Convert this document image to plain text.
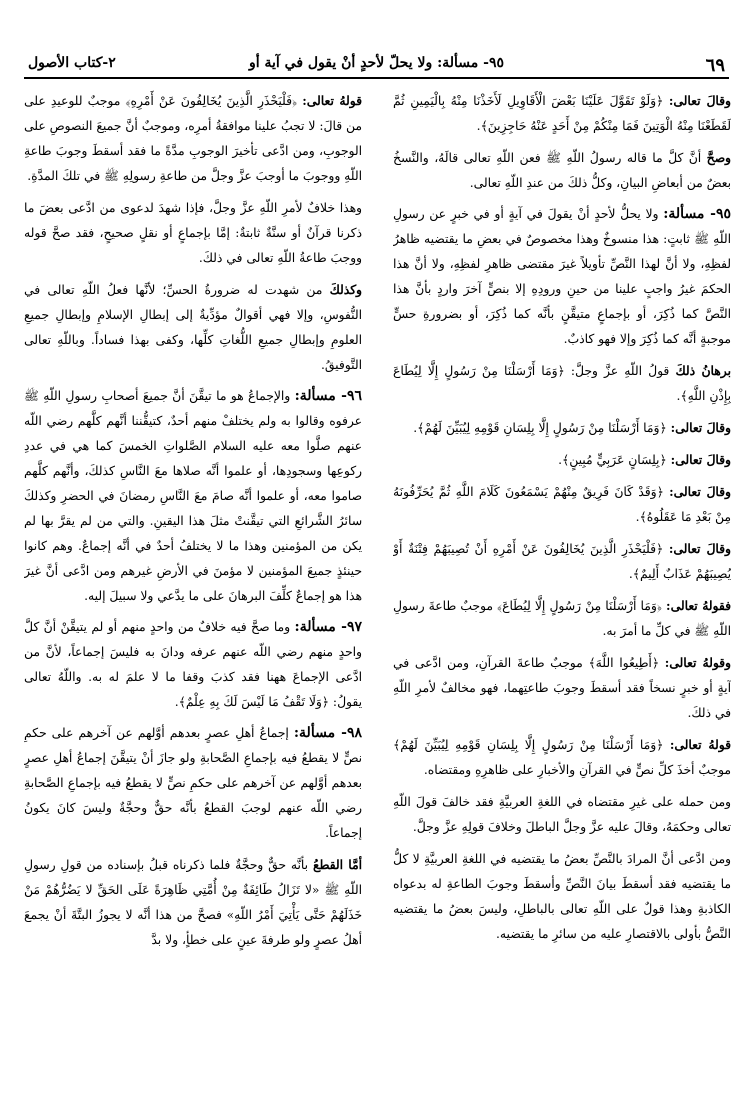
٦٩
٩٥- مسألة: ولا يحلّ لأحدٍ أنْ يقول في آية أو
٢-كتاب الأصول

وقالَ تعالى: ﴿وَلَوْ تَقَوَّلَ عَلَيْنَا بَعْضَ الْأَقَاوِيلِ لَأَخَذْنَا مِنْهُ بِالْيَمِينِ ثُمَّ لَقَطَعْنَا مِنْهُ الْوَتِينَ فَمَا مِنْكُمْ مِنْ أَحَدٍ عَنْهُ حَاجِزِينَ﴾.

وصحَّ أنَّ كلَّ ما قاله رسولُ اللّهِ ﷺ فعن اللّهِ تعالى قالَهُ، والنَّسخُ بعضٌ من أبعاضِ البيانِ، وكلُّ ذلكَ من عندِ اللّهِ تعالى.

٩٥- مسألة: ولا يحلُّ لأحدٍ أنْ يقولَ في آيةٍ أو في خبرٍ عن رسولِ اللّهِ ﷺ ثابتٍ: هذا منسوخٌ وهذا مخصوصٌ في بعضِ ما يقتضيه ظاهرُ لفظِهِ، ولا أنَّ لهذا النَّصِّ تأويلاً غيرَ مقتضى ظاهرِ لفظِهِ، ولا أنَّ هذا الحكمَ غيرُ واجبٍ علينا من حينِ ورودِهِ إلا بنصٍّ آخرَ واردٍ بأنَّ هذا النَّصَّ كما ذُكِرَ، أو بإجماعٍ متيقَّنٍ بأنَّه كما ذُكِرَ، أو بضرورةِ حسٍّ موجبةٍ أنَّه كما ذُكِرَ وإلا فهو كاذبٌ.

برهانُ ذلكَ قولُ اللّهِ عزَّ وجلَّ: ﴿وَمَا أَرْسَلْنَا مِنْ رَسُولٍ إِلَّا لِيُطَاعَ بِإِذْنِ اللَّهِ﴾.

وقالَ تعالى: ﴿وَمَا أَرْسَلْنَا مِنْ رَسُولٍ إِلَّا بِلِسَانِ قَوْمِهِ لِيُبَيِّنَ لَهُمْ﴾.

وقالَ تعالى: ﴿بِلِسَانٍ عَرَبِيٍّ مُبِينٍ﴾.

وقالَ تعالى: ﴿وَقَدْ كَانَ فَرِيقٌ مِنْهُمْ يَسْمَعُونَ كَلَامَ اللَّهِ ثُمَّ يُحَرِّفُونَهُ مِنْ بَعْدِ مَا عَقَلُوهُ﴾.

وقالَ تعالى: ﴿فَلْيَحْذَرِ الَّذِينَ يُخَالِفُونَ عَنْ أَمْرِهِ أَنْ تُصِيبَهُمْ فِتْنَةٌ أَوْ يُصِيبَهُمْ عَذَابٌ أَلِيمٌ﴾.

فقولهُ تعالى: ﴿وَمَا أَرْسَلْنَا مِنْ رَسُولٍ إِلَّا لِيُطَاعَ﴾ موجبٌ طاعةَ رسولِ اللّهِ ﷺ في كلِّ ما أمرَ به.

وقولهُ تعالى: ﴿أَطِيعُوا اللَّهَ﴾ موجبٌ طاعةَ القرآنِ، ومن ادَّعى في آيةٍ أو خبرٍ نسخاً فقد أسقطَ وجوبَ طاعتِهما، فهو مخالفٌ لأمرِ اللّهِ في ذلكَ.

قولهُ تعالى: ﴿وَمَا أَرْسَلْنَا مِنْ رَسُولٍ إِلَّا بِلِسَانِ قَوْمِهِ لِيُبَيِّنَ لَهُمْ﴾ موجبٌ أخذَ كلِّ نصٍّ في القرآنِ والأخبارِ على ظاهرِهِ ومقتضاه.

ومن حمله على غيرِ مقتضاه في اللغةِ العربيَّةِ فقد خالفَ قولَ اللّهِ تعالى وحكمَهُ، وقالَ عليه عزَّ وجلَّ الباطلَ وخلافَ قولِهِ عزَّ وجلَّ.

ومن ادَّعى أنَّ المرادَ بالنَّصِّ بعضُ ما يقتضيه في اللغةِ العربيَّةِ لا كلُّ ما يقتضيه فقد أسقطَ بيانَ النَّصِّ وأسقطَ وجوبَ الطاعةِ له بدعواه الكاذبةِ وهذا قولٌ على اللّهِ تعالى بالباطلِ، وليسَ بعضُ ما يقتضيه النَّصُّ بأولى بالاقتصارِ عليه من سائرِ ما يقتضيه.

قولهُ تعالى: ﴿فَلْيَحْذَرِ الَّذِينَ يُخَالِفُونَ عَنْ أَمْرِهِ﴾ موجبٌ للوعيدِ على من قالَ: لا تجبُ علينا موافقةُ أمرِه، وموجبٌ أنَّ جميعَ النصوصِ على الوجوبِ، ومن ادَّعى تأخيرَ الوجوبِ مدَّةً ما فقد أسقطَ وجوبَ طاعةِ اللّهِ ووجوبَ ما أوجبَ عزَّ وجلَّ من طاعةِ رسولِهِ ﷺ في تلكَ المدَّةِ.

وهذا خلافٌ لأمرِ اللّهِ عزَّ وجلَّ، فإذا شهدَ لدعوى من ادَّعى بعضَ ما ذكرنا قرآنٌ أو سنَّةٌ ثابتةٌ: إمَّا بإجماعٍ أو نقلٍ صحيحٍ، فقد صحَّ قوله ووجبَ طاعةُ اللّهِ تعالى في ذلكَ.

وكذلكَ من شهدت له ضرورةُ الحسِّ؛ لأنَّها فعلُ اللّهِ تعالى في النُّفوسِ، وإلا فهي أقوالٌ مؤدِّيةٌ إلى إبطالِ الإسلامِ وإبطالِ جميعِ العلومِ وإبطالِ جميعِ اللُّغاتِ كلِّها، وكفى بهذا فساداً. وباللّهِ تعالى التَّوفيقُ.

٩٦- مسألة: والإجماعُ هو ما تيقَّنَ أنَّ جميعَ أصحابِ رسولِ اللّهِ ﷺ عرفوه وقالوا به ولم يختلفْ منهم أحدٌ، كتيقُّننا أنَّهم كلَّهم رضي اللّه عنهم صلَّوا معه عليه السلام الصَّلواتِ الخمسَ كما هي في عددِ ركوعِها وسجودِها، أو علموا أنَّه صلاها معَ النَّاسِ كذلكَ، وأنَّهم كلَّهم صاموا معه، أو علموا أنَّه صامَ معَ النَّاسِ رمضانَ في الحضرِ وكذلكَ سائرُ الشَّرائعِ التي تيقَّنتْ مثلَ هذا اليقينِ. والتي من لم يقرَّ بها لم يكن من المؤمنين وهذا ما لا يختلفُ أحدٌ في أنَّه إجماعٌ. وهم كانوا حينئذٍ جميعَ المؤمنين لا مؤمنَ في الأرضِ غيرهم ومن ادَّعى أنَّ غيرَ هذا هو إجماعٌ كلِّفَ البرهانَ على ما يدَّعي ولا سبيلَ إليه.

٩٧- مسألة: وما صحَّ فيه خلافٌ من واحدٍ منهم أو لم يتيقَّنْ أنَّ كلَّ واحدٍ منهم رضي اللّه عنهم عرفه ودانَ به فليسَ إجماعاً، لأنَّ من ادَّعى الإجماعَ ههنا فقد كذبَ وقفا ما لا علمَ له به. واللّهُ تعالى يقولُ: ﴿وَلَا تَقْفُ مَا لَيْسَ لَكَ بِهِ عِلْمٌ﴾.

٩٨- مسألة: إجماعُ أهلِ عصرٍ بعدهم أوَّلهم عن آخرهم على حكمِ نصٍّ لا يقطعُ فيه بإجماعِ الصَّحابةِ ولو جازَ أنْ يتيقَّنَ إجماعُ أهلِ عصرٍ بعدهم أوَّلهم عن آخرهم على حكمِ نصٍّ لا يقطعُ فيه بإجماعِ الصَّحابةِ رضي اللّه عنهم لوجبَ القطعُ بأنَّه حقٌّ وحجَّةٌ وليسَ كانَ يكونُ إجماعاً.

أمَّا القطعُ بأنَّه حقٌّ وحجَّةٌ فلما ذكرناه قبلُ بإسناده من قولِ رسولِ اللّهِ ﷺ «لا تَزَالُ طَائِفَةٌ مِنْ أُمَّتِي ظَاهِرَةً عَلَى الحَقِّ لا يَضُرُّهُمْ مَنْ خَذَلَهُمْ حَتَّى يَأْتِيَ أَمْرُ اللّهِ» فصحَّ من هذا أنَّه لا يجوزُ البتَّةَ أنْ يجمعَ أهلُ عصرٍ ولو طرفةَ عينٍ على خطأٍ، ولا بدَّ
